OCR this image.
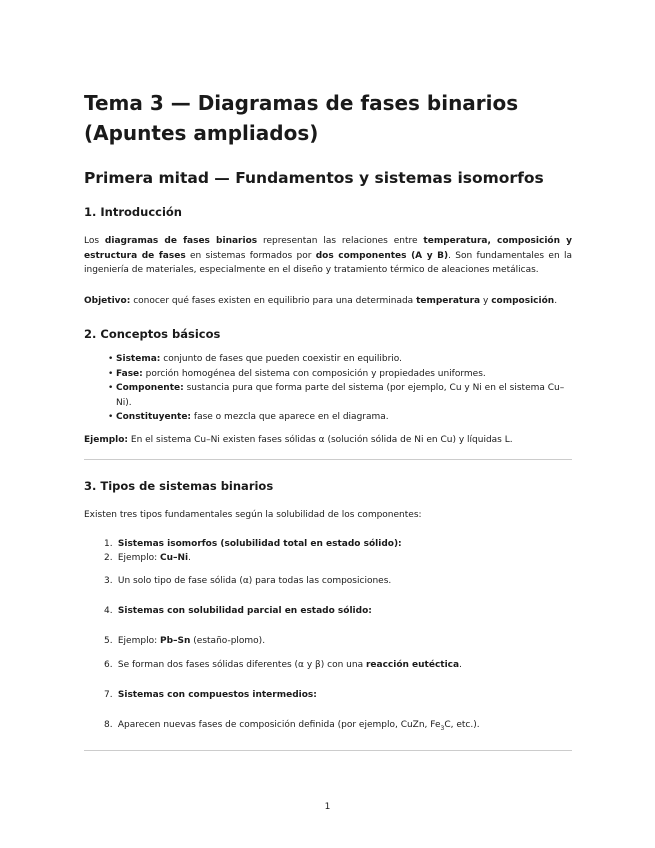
Tema 3 — Diagramas de fases binarios (Apuntes ampliados)
Primera mitad — Fundamentos y sistemas isomorfos
1. Introducción

Los diagramas de fases binarios representan las relaciones entre temperatura, composición y estructura de fases en sistemas formados por dos componentes (A y B). Son fundamentales en la ingeniería de materiales, especialmente en el diseño y tratamiento térmico de aleaciones metálicas.

Objetivo: conocer qué fases existen en equilibrio para una determinada temperatura y composición.

2. Conceptos básicos
• Sistema: conjunto de fases que pueden coexistir en equilibrio.
• Fase: porción homogénea del sistema con composición y propiedades uniformes.
• Componente: sustancia pura que forma parte del sistema (por ejemplo, Cu y Ni en el sistema Cu–Ni).
• Constituyente: fase o mezcla que aparece en el diagrama.

Ejemplo: En el sistema Cu–Ni existen fases sólidas α (solución sólida de Ni en Cu) y líquidas L.

3. Tipos de sistemas binarios

Existen tres tipos fundamentales según la solubilidad de los componentes:

1. Sistemas isomorfos (solubilidad total en estado sólido):
2. Ejemplo: Cu–Ni.
3. Un solo tipo de fase sólida (α) para todas las composiciones.
4. Sistemas con solubilidad parcial en estado sólido:
5. Ejemplo: Pb–Sn (estaño-plomo).
6. Se forman dos fases sólidas diferentes (α y β) con una reacción eutéctica.
7. Sistemas con compuestos intermedios:
8. Aparecen nuevas fases de composición definida (por ejemplo, CuZn, $Fe_3C$, etc.).
1
